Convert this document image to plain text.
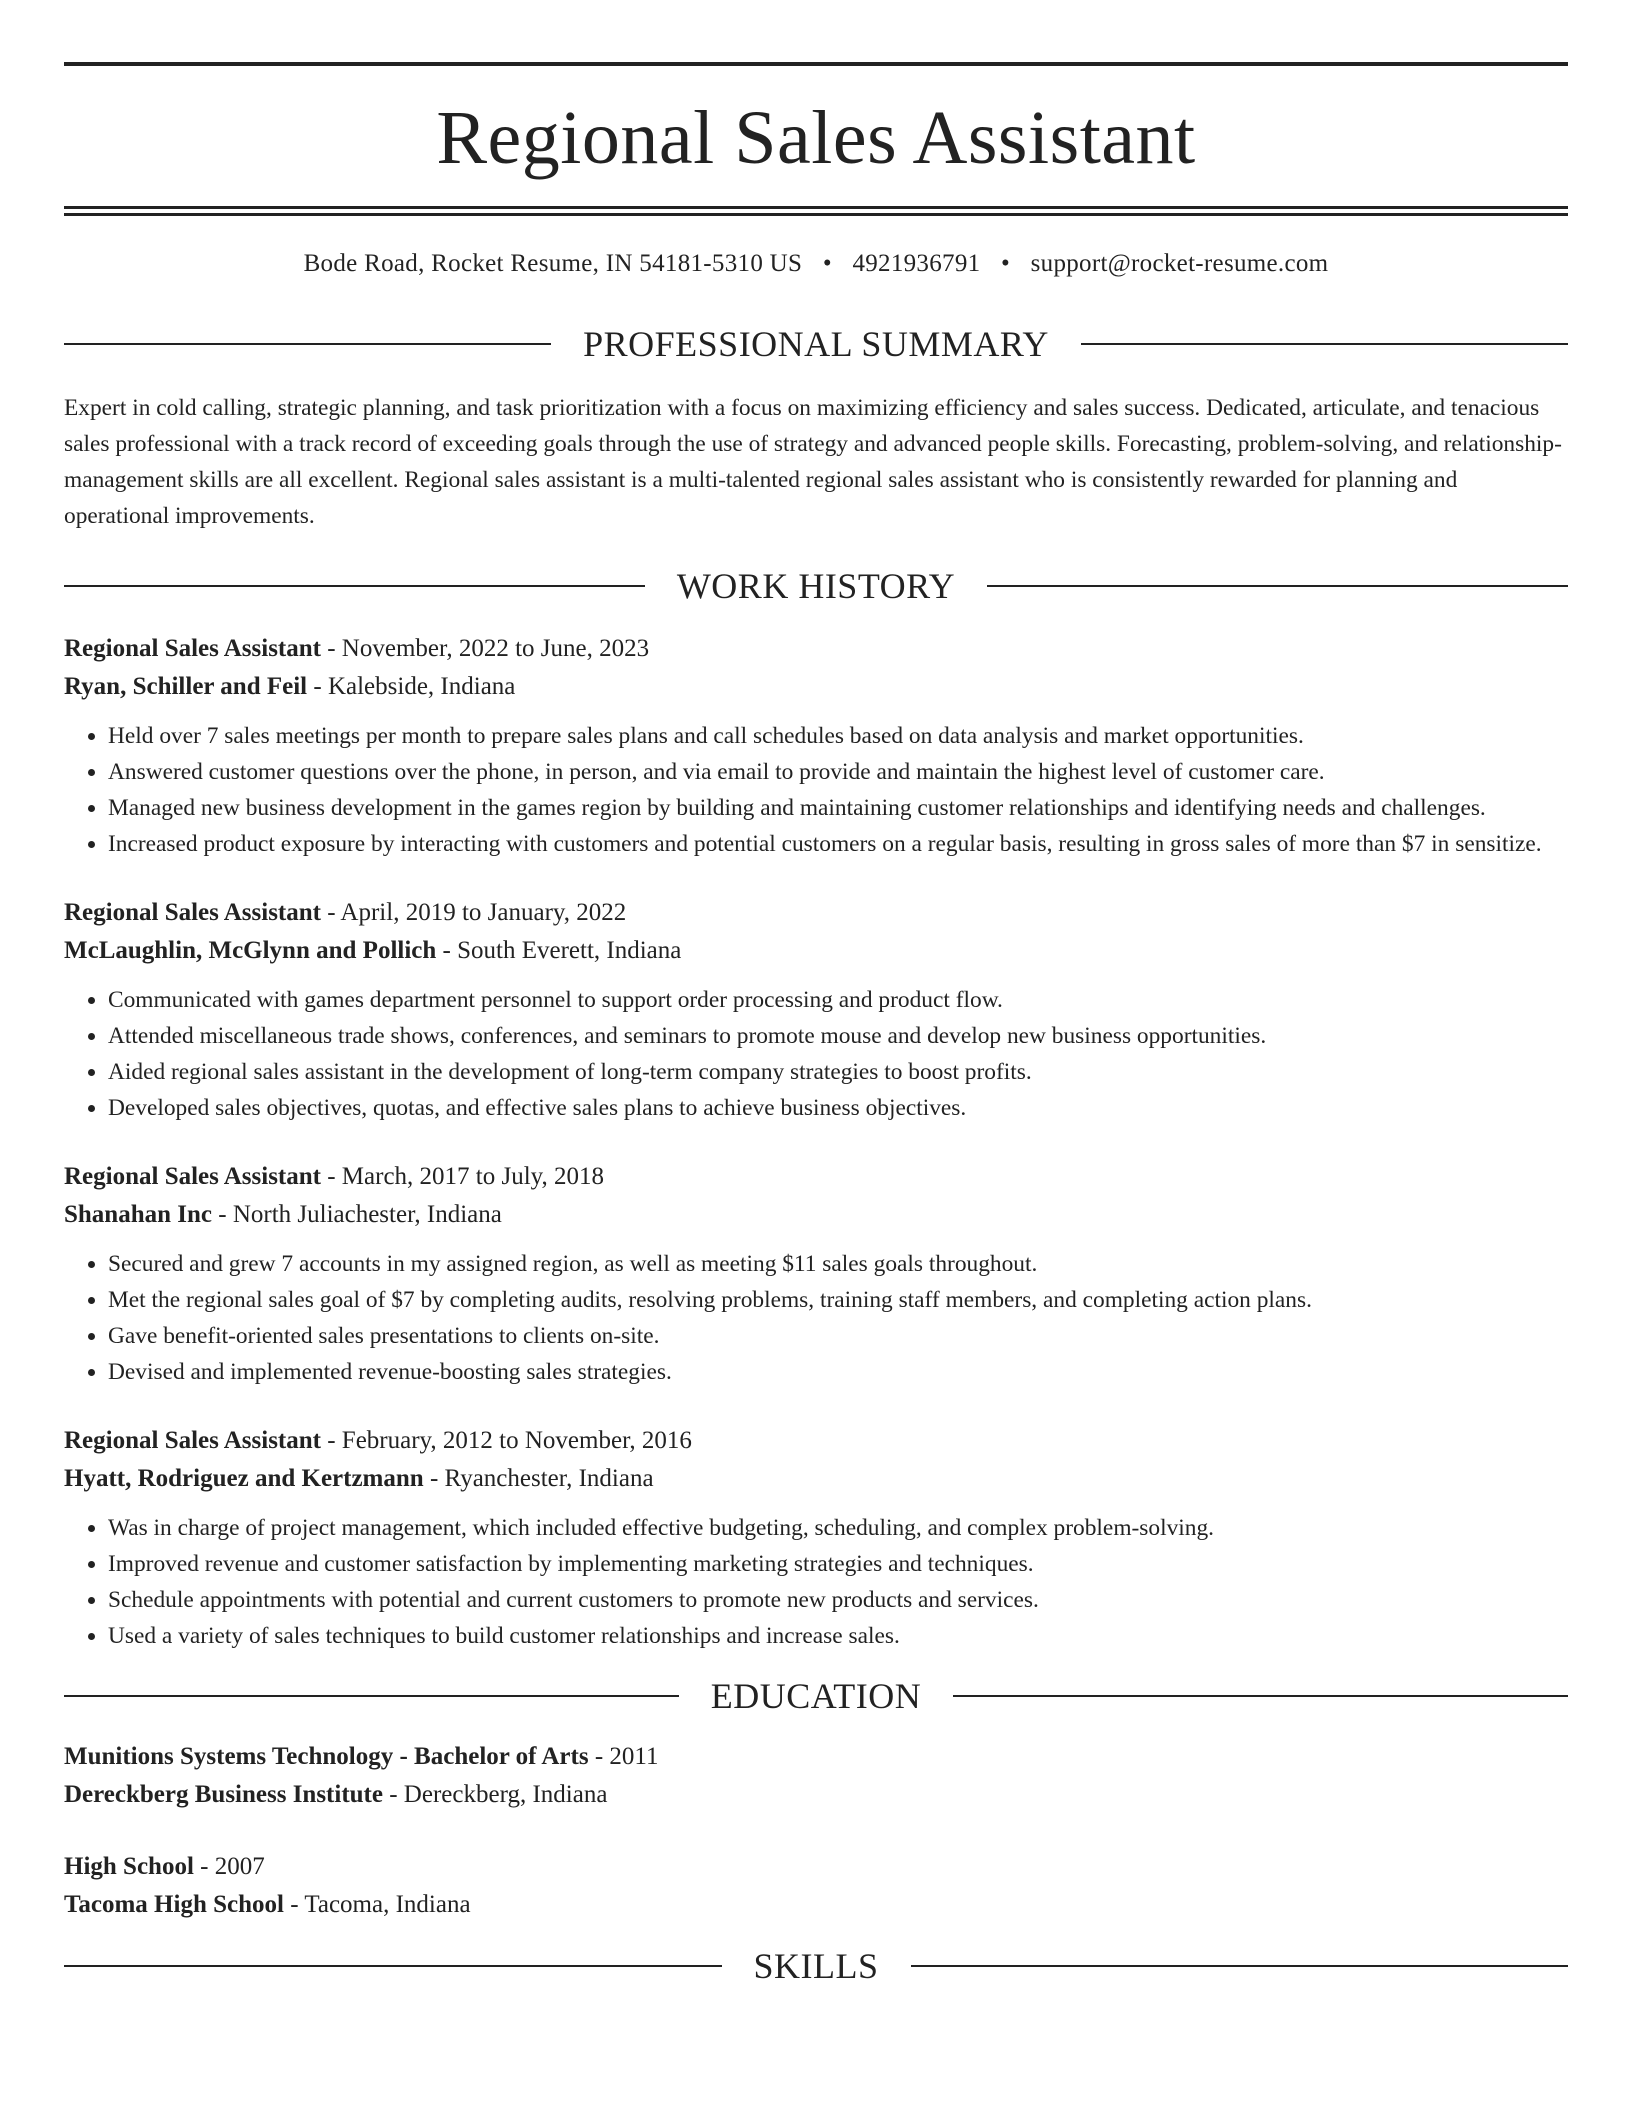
Regional Sales Assistant
Bode Road, Rocket Resume, IN 54181-5310 US • 4921936791 • support@rocket-resume.com
PROFESSIONAL SUMMARY
Expert in cold calling, strategic planning, and task prioritization with a focus on maximizing efficiency and sales success. Dedicated, articulate, and tenacious sales professional with a track record of exceeding goals through the use of strategy and advanced people skills. Forecasting, problem-solving, and relationship-management skills are all excellent. Regional sales assistant is a multi-talented regional sales assistant who is consistently rewarded for planning and operational improvements.
WORK HISTORY
Regional Sales Assistant - November, 2022 to June, 2023
Ryan, Schiller and Feil - Kalebside, Indiana
• Held over 7 sales meetings per month to prepare sales plans and call schedules based on data analysis and market opportunities.
• Answered customer questions over the phone, in person, and via email to provide and maintain the highest level of customer care.
• Managed new business development in the games region by building and maintaining customer relationships and identifying needs and challenges.
• Increased product exposure by interacting with customers and potential customers on a regular basis, resulting in gross sales of more than $7 in sensitize.
Regional Sales Assistant - April, 2019 to January, 2022
McLaughlin, McGlynn and Pollich - South Everett, Indiana
• Communicated with games department personnel to support order processing and product flow.
• Attended miscellaneous trade shows, conferences, and seminars to promote mouse and develop new business opportunities.
• Aided regional sales assistant in the development of long-term company strategies to boost profits.
• Developed sales objectives, quotas, and effective sales plans to achieve business objectives.
Regional Sales Assistant - March, 2017 to July, 2018
Shanahan Inc - North Juliachester, Indiana
• Secured and grew 7 accounts in my assigned region, as well as meeting $11 sales goals throughout.
• Met the regional sales goal of $7 by completing audits, resolving problems, training staff members, and completing action plans.
• Gave benefit-oriented sales presentations to clients on-site.
• Devised and implemented revenue-boosting sales strategies.
Regional Sales Assistant - February, 2012 to November, 2016
Hyatt, Rodriguez and Kertzmann - Ryanchester, Indiana
• Was in charge of project management, which included effective budgeting, scheduling, and complex problem-solving.
• Improved revenue and customer satisfaction by implementing marketing strategies and techniques.
• Schedule appointments with potential and current customers to promote new products and services.
• Used a variety of sales techniques to build customer relationships and increase sales.
EDUCATION
Munitions Systems Technology - Bachelor of Arts - 2011
Dereckberg Business Institute - Dereckberg, Indiana
High School - 2007
Tacoma High School - Tacoma, Indiana
SKILLS
